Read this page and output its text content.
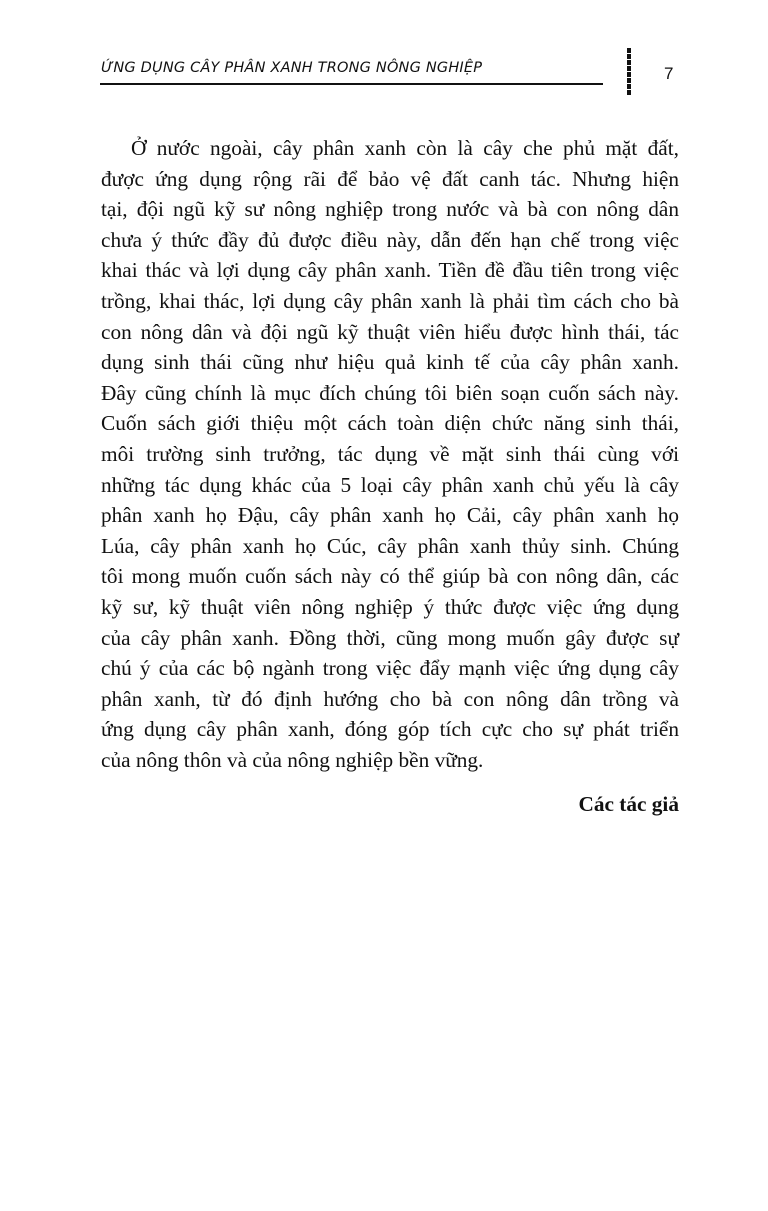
ỨNG DỤNG CÂY PHÂN XANH TRONG NÔNG NGHIỆP	7
Ở nước ngoài, cây phân xanh còn là cây che phủ mặt đất,
được ứng dụng rộng rãi để bảo vệ đất canh tác. Nhưng hiện
tại, đội ngũ kỹ sư nông nghiệp trong nước và bà con nông dân
chưa ý thức đầy đủ được điều này, dẫn đến hạn chế trong việc
khai thác và lợi dụng cây phân xanh. Tiền đề đầu tiên trong việc
trồng, khai thác, lợi dụng cây phân xanh là phải tìm cách cho bà
con nông dân và đội ngũ kỹ thuật viên hiểu được hình thái, tác
dụng sinh thái cũng như hiệu quả kinh tế của cây phân xanh.
Đây cũng chính là mục đích chúng tôi biên soạn cuốn sách này.
Cuốn sách giới thiệu một cách toàn diện chức năng sinh thái,
môi trường sinh trưởng, tác dụng về mặt sinh thái cùng với
những tác dụng khác của 5 loại cây phân xanh chủ yếu là cây
phân xanh họ Đậu, cây phân xanh họ Cải, cây phân xanh họ
Lúa, cây phân xanh họ Cúc, cây phân xanh thủy sinh. Chúng
tôi mong muốn cuốn sách này có thể giúp bà con nông dân, các
kỹ sư, kỹ thuật viên nông nghiệp ý thức được việc ứng dụng
của cây phân xanh. Đồng thời, cũng mong muốn gây được sự
chú ý của các bộ ngành trong việc đẩy mạnh việc ứng dụng cây
phân xanh, từ đó định hướng cho bà con nông dân trồng và
ứng dụng cây phân xanh, đóng góp tích cực cho sự phát triển
của nông thôn và của nông nghiệp bền vững.
Các tác giả
